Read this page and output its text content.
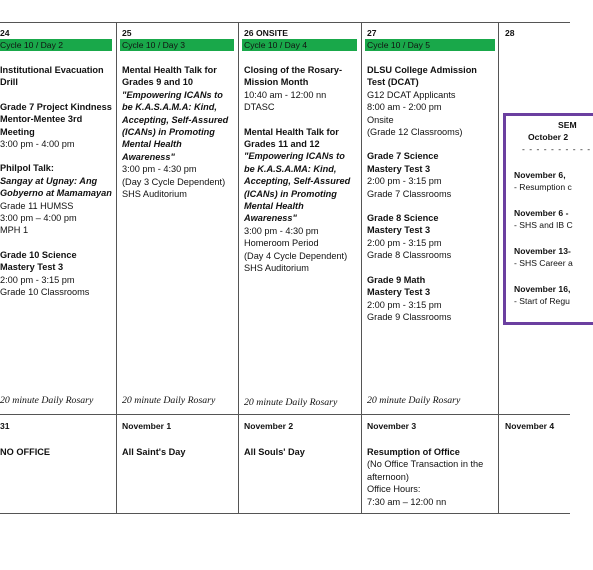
24
Cycle 10 / Day 2
Institutional Evacuation Drill
Grade 7 Project Kindness Mentor-Mentee 3rd Meeting
3:00 pm - 4:00 pm
Philpol Talk:
Sangay at Ugnay: Ang Gobyerno at Mamamayan
Grade 11 HUMSS
3:00 pm – 4:00 pm
MPH 1
Grade 10 Science Mastery Test 3
2:00 pm - 3:15 pm
Grade 10 Classrooms
20 minute Daily Rosary
25
Cycle 10 / Day 3
Mental Health Talk for Grades 9 and 10
"Empowering ICANs to be K.A.S.A.M.A: Kind, Accepting, Self-Assured (ICANs) in Promoting Mental Health Awareness"
3:00 pm - 4:30 pm
(Day 3 Cycle Dependent)
SHS Auditorium
20 minute Daily Rosary
26 ONSITE
Cycle 10 / Day 4
Closing of the Rosary-Mission Month
10:40 am - 12:00 nn
DTASC
Mental Health Talk for Grades 11 and 12
"Empowering ICANs to be K.A.S.A.MA: Kind, Accepting, Self-Assured (ICANs) in Promoting Mental Health Awareness"
3:00 pm - 4:30 pm
Homeroom Period
(Day 4 Cycle Dependent)
SHS Auditorium
20 minute Daily Rosary
27
Cycle 10 / Day 5
DLSU College Admission Test (DCAT)
G12 DCAT Applicants
8:00 am - 2:00 pm
Onsite
(Grade 12 Classrooms)
Grade 7 Science Mastery Test 3
2:00 pm - 3:15 pm
Grade 7 Classrooms
Grade 8 Science Mastery Test 3
2:00 pm - 3:15 pm
Grade 8 Classrooms
Grade 9 Math Mastery Test 3
2:00 pm - 3:15 pm
Grade 9 Classrooms
20 minute Daily Rosary
28
SEM
October 2
- - - - - - - - - -
November 6,
- Resumption c
November 6 -
- SHS and IB C
November 13-
- SHS Career a
November 16,
- Start of Regu
31
NO OFFICE
November 1
All Saint's Day
November 2
All Souls' Day
November 3
Resumption of Office
(No Office Transaction in the afternoon)
Office Hours:
7:30 am – 12:00 nn
November 4
